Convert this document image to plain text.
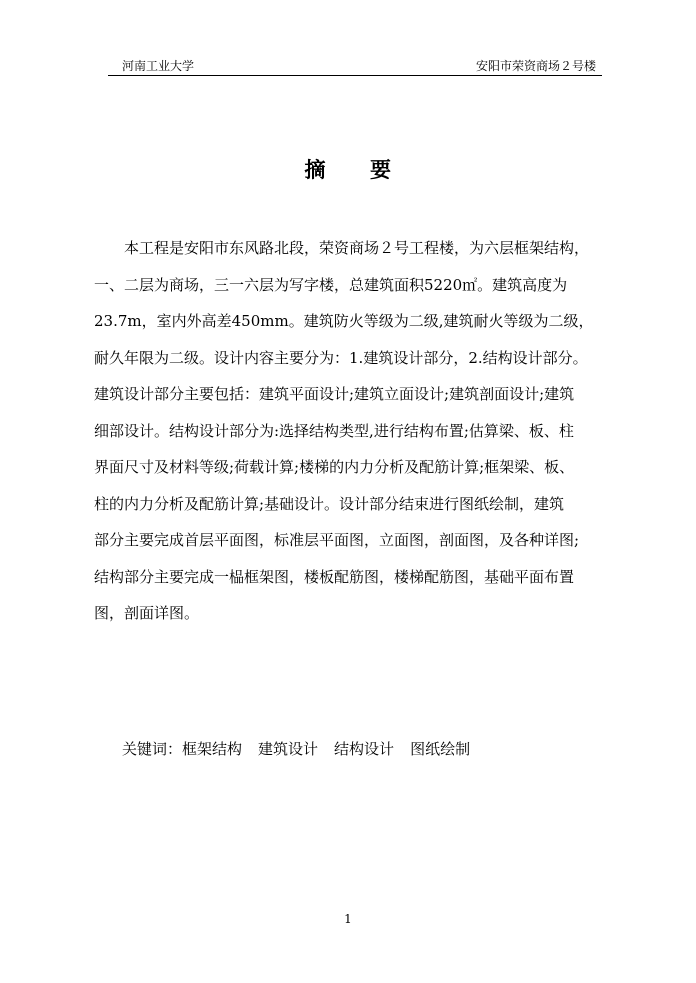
河南工业大学	安阳市荣资商场２号楼
摘 要
本工程是安阳市东风路北段，荣资商场２号工程楼，为六层框架结构，
一、二层为商场，三一六层为写字楼，总建筑面积5220㎡。建筑高度为
23.7m，室内外高差450mm。建筑防火等级为二级,建筑耐火等级为二级，
耐久年限为二级。设计内容主要分为：1.建筑设计部分，2.结构设计部分。
建筑设计部分主要包括：建筑平面设计;建筑立面设计;建筑剖面设计;建筑
细部设计。结构设计部分为:选择结构类型,进行结构布置;估算梁、板、柱
界面尺寸及材料等级;荷载计算;楼梯的内力分析及配筋计算;框架梁、板、
柱的内力分析及配筋计算;基础设计。设计部分结束进行图纸绘制，建筑
部分主要完成首层平面图，标准层平面图，立面图，剖面图，及各种详图;
结构部分主要完成一榀框架图，楼板配筋图，楼梯配筋图，基础平面布置
图，剖面详图。
关键词：框架结构 建筑设计 结构设计 图纸绘制
1
